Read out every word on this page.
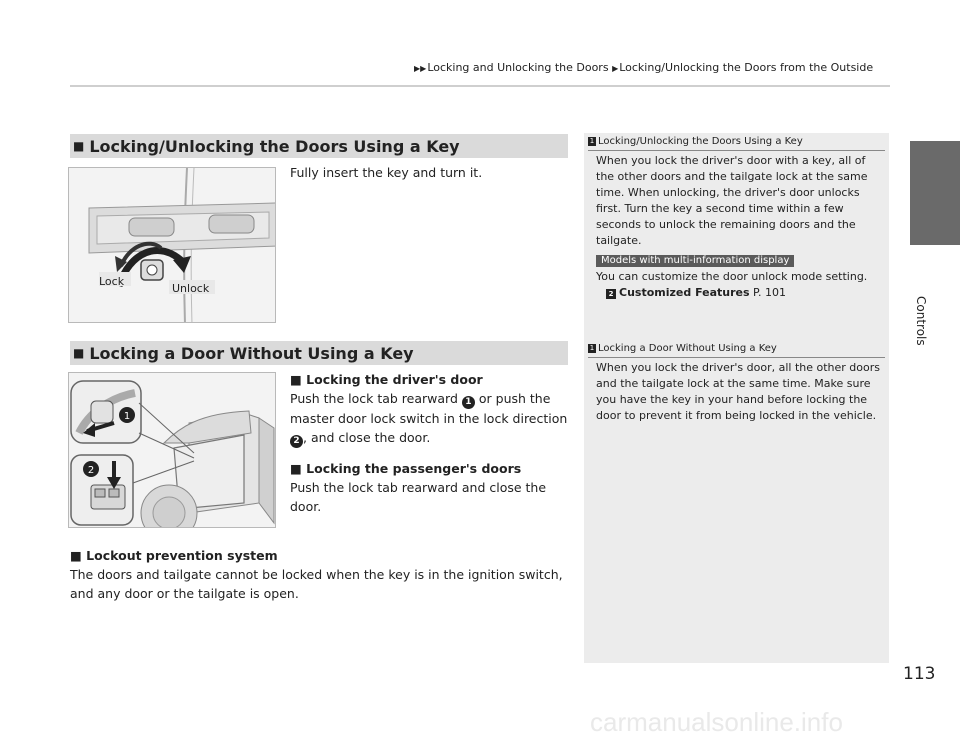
▶▶Locking and Unlocking the Doors ▶Locking/Unlocking the Doors from the Outside
Controls
■ Locking/Unlocking the Doors Using a Key
Lock
Unlock
Fully insert the key and turn it.
1 Locking/Unlocking the Doors Using a Key
When you lock the driver's door with a key, all of the other doors and the tailgate lock at the same time. When unlocking, the driver's door unlocks first. Turn the key a second time within a few seconds to unlock the remaining doors and the tailgate.
Models with multi-information display
You can customize the door unlock mode setting.
2 Customized Features P. 101
■ Locking a Door Without Using a Key
1
2
■ Locking the driver's door
Push the lock tab rearward 1 or push the
master door lock switch in the lock direction
2 , and close the door.
■ Locking the passenger's doors
Push the lock tab rearward and close the door.
1 Locking a Door Without Using a Key
When you lock the driver's door, all the other doors and the tailgate lock at the same time. Make sure you have the key in your hand before locking the door to prevent it from being locked in the vehicle.
■ Lockout prevention system
The doors and tailgate cannot be locked when the key is in the ignition switch, and any door or the tailgate is open.
113
carmanualsonline.info
